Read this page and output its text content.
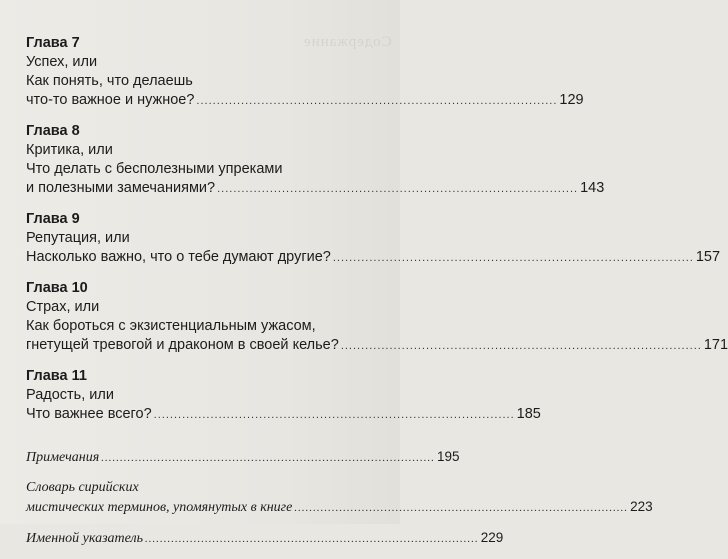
Содержание
Глава 7
Успех, или
Как понять, что делаешь
что-то важное и нужное? ......................................................................................... 129
Глава 8
Критика, или
Что делать с бесполезными упреками
и полезными замечаниями? ......................................................................................... 143
Глава 9
Репутация, или
Насколько важно, что о тебе думают другие? ......................................................................................... 157
Глава 10
Страх, или
Как бороться с экзистенциальным ужасом,
гнетущей тревогой и драконом в своей келье? ......................................................................................... 171
Глава 11
Радость, или
Что важнее всего? ......................................................................................... 185
Примечания ......................................................................................... 195
Словарь сирийских
мистических терминов, упомянутых в книге ......................................................................................... 223
Именной указатель ......................................................................................... 229
